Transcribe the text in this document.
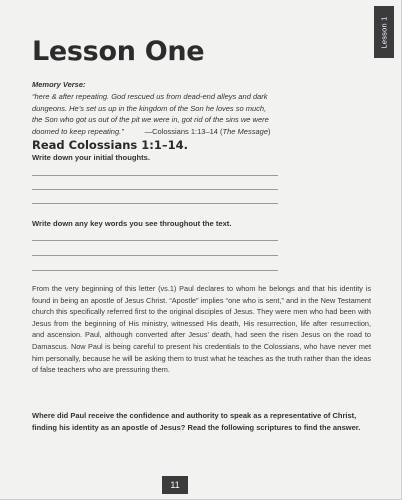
Lesson 1
Lesson One
Memory Verse:
“here & after repeating. God rescued us from dead-end alleys and dark
dungeons. He’s set us up in the kingdom of the Son he loves so much,
the Son who got us out of the pit we were in, got rid of the sins we were
doomed to keep repeating.”	—Colossians 1:13–14 (The Message)
Read Colossians 1:1–14.
Write down your initial thoughts.
Write down any key words you see throughout the text.

From the very beginning of this letter (vs.1) Paul declares to whom he belongs and that his identity is found in being an apostle of Jesus Christ. “Apostle” implies “one who is sent,” and in the New Testament church this specifically referred first to the original disciples of Jesus. They were men who had been with Jesus from the beginning of His ministry, witnessed His death, His resurrection, life after resurrection, and ascension. Paul, although converted after Jesus’ death, had seen the risen Jesus on the road to Damascus. Now Paul is being careful to present his credentials to the Colossians, who have never met him personally, because he will be asking them to trust what he teaches as the truth rather than the ideas of false teachers who are pressuring them.

Where did Paul receive the confidence and authority to speak as a representative of Christ, finding his identity as an apostle of Jesus? Read the following scriptures to find the answer.

11
